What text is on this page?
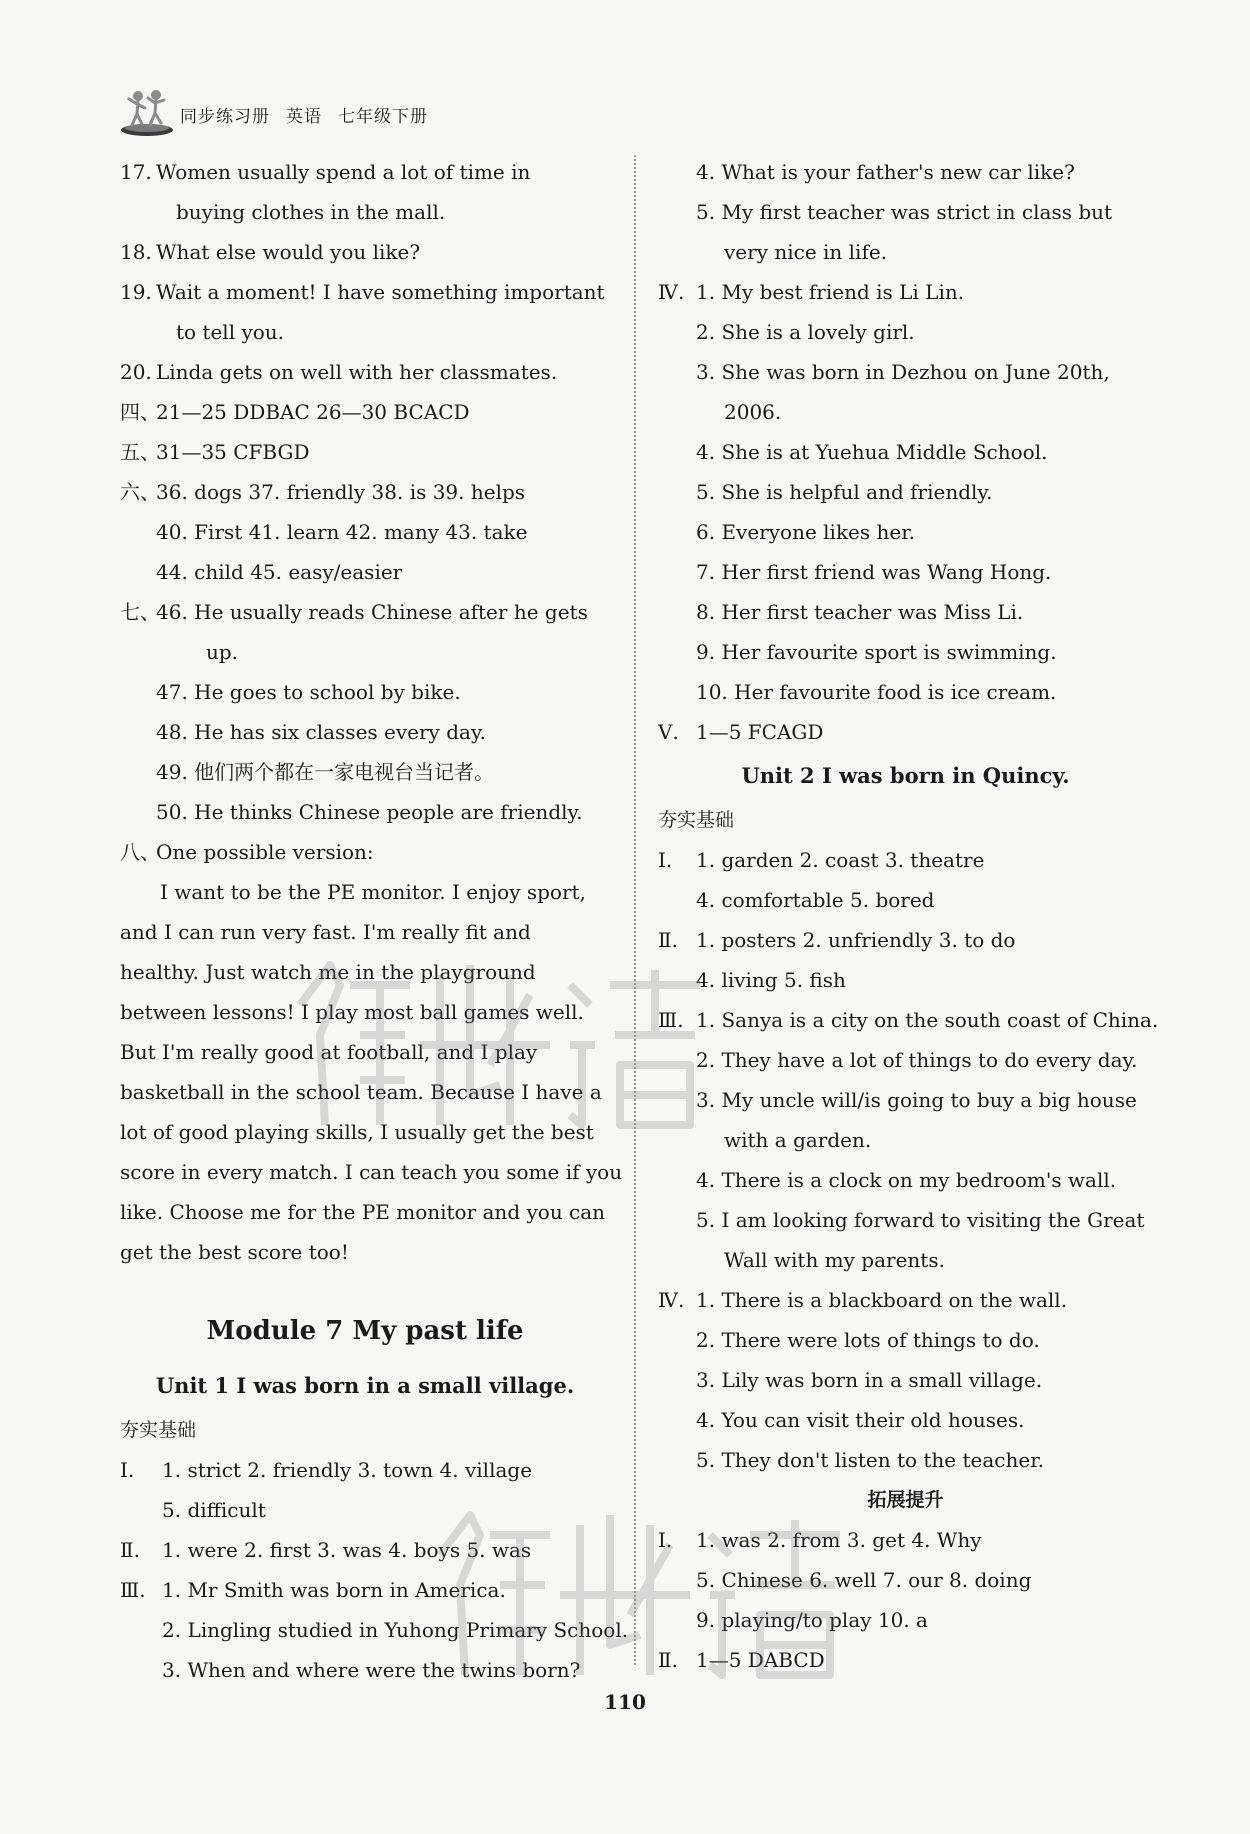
同步练习册 英语 七年级下册
17. Women usually spend a lot of time in
buying clothes in the mall.
18. What else would you like?
19. Wait a moment! I have something important
to tell you.
20. Linda gets on well with her classmates.
四、
21—25 DDBAC 26—30 BCACD
五、
31—35 CFBGD
六、
36. dogs 37. friendly 38. is 39. helps
40. First 41. learn 42. many 43. take
44. child 45. easy/easier
七、
46. He usually reads Chinese after he gets
up.
47. He goes to school by bike.
48. He has six classes every day.
49. 他们两个都在一家电视台当记者。
50. He thinks Chinese people are friendly.
八、
One possible version:
I want to be the PE monitor. I enjoy sport,
and I can run very fast. I'm really fit and
healthy. Just watch me in the playground
between lessons! I play most ball games well.
But I'm really good at football, and I play
basketball in the school team. Because I have a
lot of good playing skills, I usually get the best
score in every match. I can teach you some if you
like. Choose me for the PE monitor and you can
get the best score too!
Module 7 My past life
Unit 1 I was born in a small village.
夯实基础
Ⅰ. 1. strict 2. friendly 3. town 4. village
5. difficult
Ⅱ. 1. were 2. first 3. was 4. boys 5. was
Ⅲ. 1. Mr Smith was born in America.
2. Lingling studied in Yuhong Primary School.
3. When and where were the twins born?
4. What is your father's new car like?
5. My first teacher was strict in class but
very nice in life.
Ⅳ. 1. My best friend is Li Lin.
2. She is a lovely girl.
3. She was born in Dezhou on June 20th,
2006.
4. She is at Yuehua Middle School.
5. She is helpful and friendly.
6. Everyone likes her.
7. Her first friend was Wang Hong.
8. Her first teacher was Miss Li.
9. Her favourite sport is swimming.
10. Her favourite food is ice cream.
Ⅴ. 1—5 FCAGD
Unit 2 I was born in Quincy.
夯实基础
Ⅰ. 1. garden 2. coast 3. theatre
4. comfortable 5. bored
Ⅱ. 1. posters 2. unfriendly 3. to do
4. living 5. fish
Ⅲ. 1. Sanya is a city on the south coast of China.
2. They have a lot of things to do every day.
3. My uncle will/is going to buy a big house
with a garden.
4. There is a clock on my bedroom's wall.
5. I am looking forward to visiting the Great
Wall with my parents.
Ⅳ. 1. There is a blackboard on the wall.
2. There were lots of things to do.
3. Lily was born in a small village.
4. You can visit their old houses.
5. They don't listen to the teacher.
拓展提升
Ⅰ. 1. was 2. from 3. get 4. Why
5. Chinese 6. well 7. our 8. doing
9. playing/to play 10. a
Ⅱ. 1—5 DABCD
110
